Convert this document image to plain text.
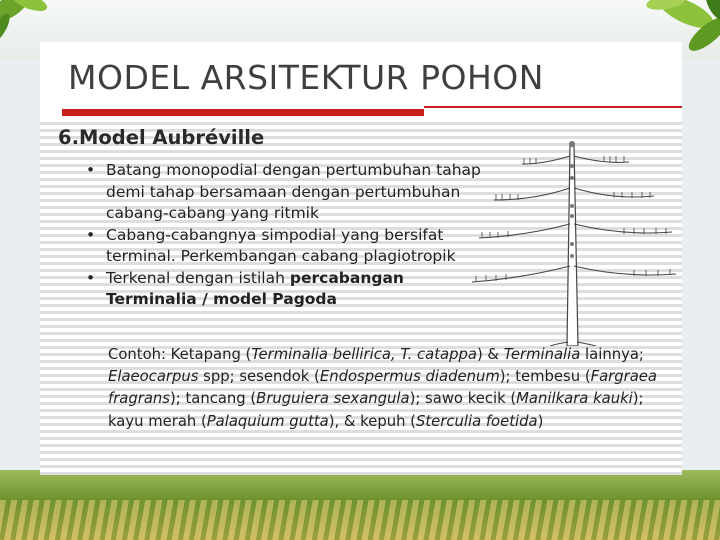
MODEL ARSITEKTUR POHON
6.Model Aubréville
• Batang monopodial dengan pertumbuhan tahap demi tahap bersamaan dengan pertumbuhan cabang-cabang yang ritmik
• Cabang-cabangnya simpodial yang bersifat terminal. Perkembangan cabang plagiotropik
• Terkenal dengan istilah percabangan Terminalia / model Pagoda

Contoh: Ketapang (Terminalia bellirica, T. catappa) & Terminalia lainnya; Elaeocarpus spp; sesendok (Endospermus diadenum); tembesu (Fargraea fragrans); tancang (Bruguiera sexangula); sawo kecik (Manilkara kauki); kayu merah (Palaquium gutta), & kepuh (Sterculia foetida)
